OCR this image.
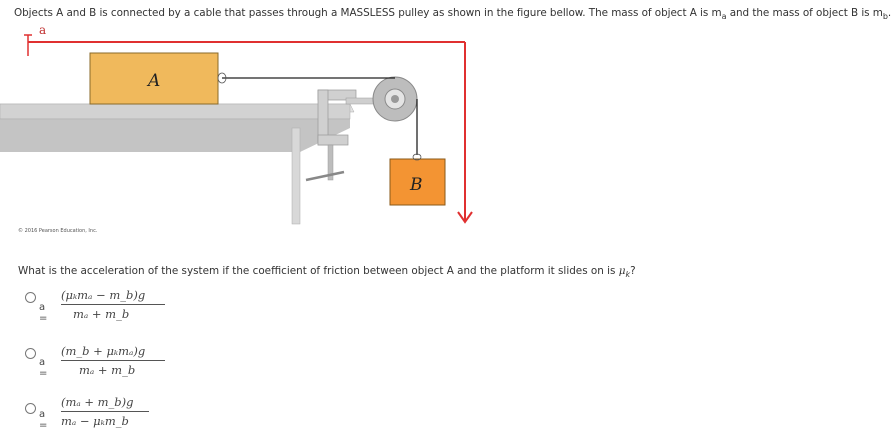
Objects A and B is connected by a cable that passes through a MASSLESS pulley as shown in the figure bellow. The mass of object A is $m_a$ and the mass of object B is $m_b$.
a
A
B
© 2016 Pearson Education, Inc.
What is the acceleration of the system if the coefficient of friction between object A and the platform it slides on is $\mu_k$?
a =
(μₖmₐ − m_b)g
mₐ + m_b
a =
(m_b + μₖmₐ)g
mₐ + m_b
a =
(mₐ + m_b)g
mₐ − μₖm_b
